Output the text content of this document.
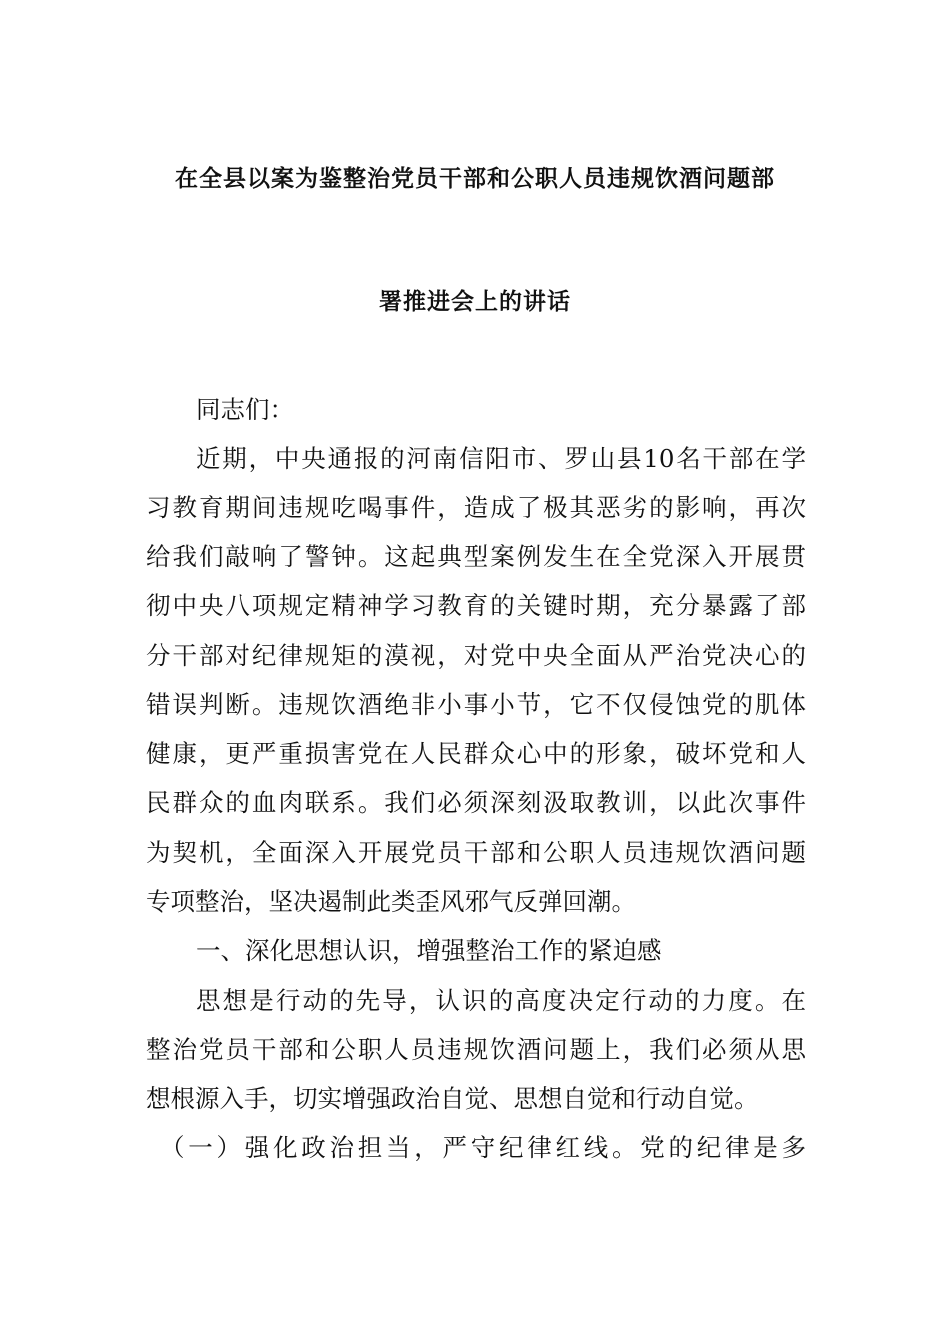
在全县以案为鉴整治党员干部和公职人员违规饮酒问题部
署推进会上的讲话
同志们：
近期，中央通报的河南信阳市、罗山县10名干部在学
习教育期间违规吃喝事件，造成了极其恶劣的影响，再次
给我们敲响了警钟。这起典型案例发生在全党深入开展贯
彻中央八项规定精神学习教育的关键时期，充分暴露了部
分干部对纪律规矩的漠视，对党中央全面从严治党决心的
错误判断。违规饮酒绝非小事小节，它不仅侵蚀党的肌体
健康，更严重损害党在人民群众心中的形象，破坏党和人
民群众的血肉联系。我们必须深刻汲取教训，以此次事件
为契机，全面深入开展党员干部和公职人员违规饮酒问题
专项整治，坚决遏制此类歪风邪气反弹回潮。
一、深化思想认识，增强整治工作的紧迫感
思想是行动的先导，认识的高度决定行动的力度。在
整治党员干部和公职人员违规饮酒问题上，我们必须从思
想根源入手，切实增强政治自觉、思想自觉和行动自觉。
（一）强化政治担当，严守纪律红线。党的纪律是多
